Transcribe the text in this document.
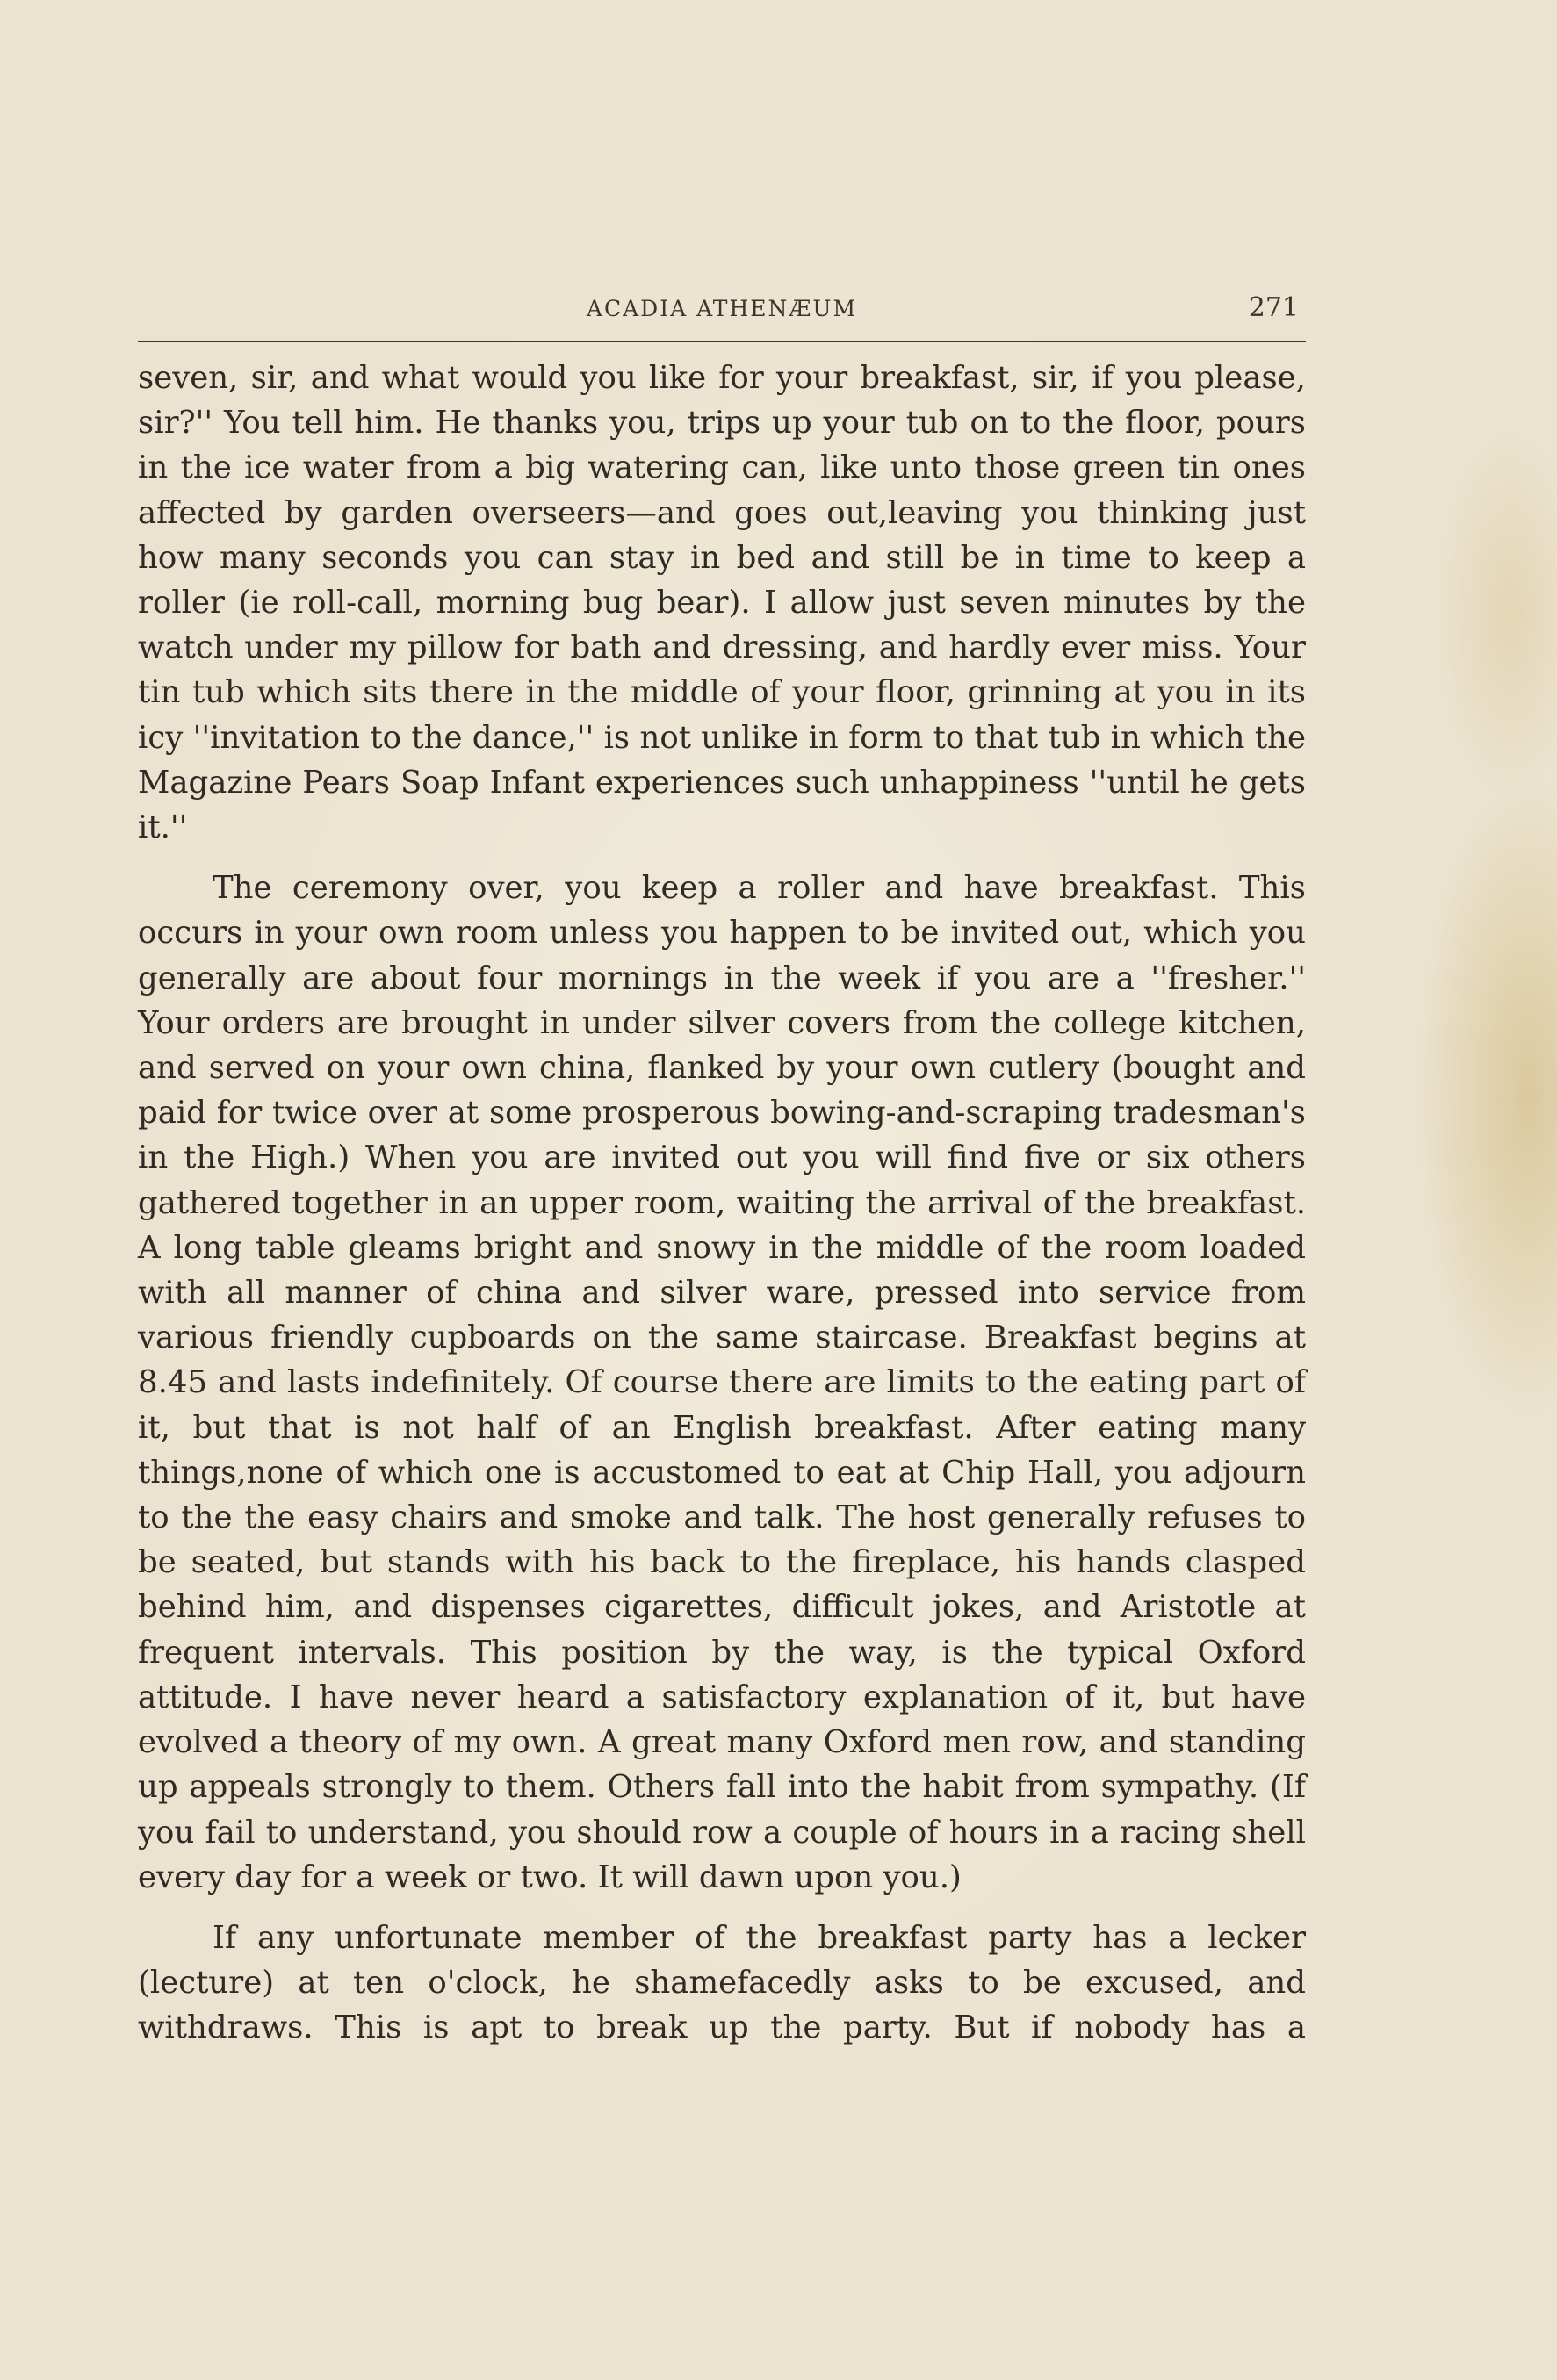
ACADIA ATHENÆUM	271

seven, sir, and what would you like for your breakfast, sir, if you please, sir?'' You tell him. He thanks you, trips up your tub on to the floor, pours in the ice water from a big watering can, like unto those green tin ones affected by garden overseers—and goes out,leaving you thinking just how many seconds you can stay in bed and still be in time to keep a roller (ie roll-call, morning bug bear). I allow just seven minutes by the watch under my pillow for bath and dressing, and hardly ever miss. Your tin tub which sits there in the middle of your floor, grinning at you in its icy ''invitation to the dance,'' is not unlike in form to that tub in which the Magazine Pears Soap Infant experiences such unhappiness ''until he gets it.''

The ceremony over, you keep a roller and have breakfast. This occurs in your own room unless you happen to be invited out, which you generally are about four mornings in the week if you are a ''fresher.'' Your orders are brought in under silver covers from the college kitchen, and served on your own china, flanked by your own cutlery (bought and paid for twice over at some prosperous bowing-and-scraping tradesman's in the High.) When you are invited out you will find five or six others gathered together in an upper room, waiting the arrival of the breakfast. A long table gleams bright and snowy in the middle of the room loaded with all manner of china and silver ware, pressed into service from various friendly cupboards on the same staircase. Breakfast begins at 8.45 and lasts indefinitely. Of course there are limits to the eating part of it, but that is not half of an English breakfast. After eating many things,none of which one is accustomed to eat at Chip Hall, you adjourn to the the easy chairs and smoke and talk. The host generally refuses to be seated, but stands with his back to the fireplace, his hands clasped behind him, and dispenses cigarettes, difficult jokes, and Aristotle at frequent intervals. This position by the way, is the typical Oxford attitude. I have never heard a satisfactory explanation of it, but have evolved a theory of my own. A great many Oxford men row, and standing up appeals strongly to them. Others fall into the habit from sympathy. (If you fail to understand, you should row a couple of hours in a racing shell every day for a week or two. It will dawn upon you.)

If any unfortunate member of the breakfast party has a lecker (lecture) at ten o'clock, he shamefacedly asks to be excused, and withdraws. This is apt to break up the party. But if nobody has a
